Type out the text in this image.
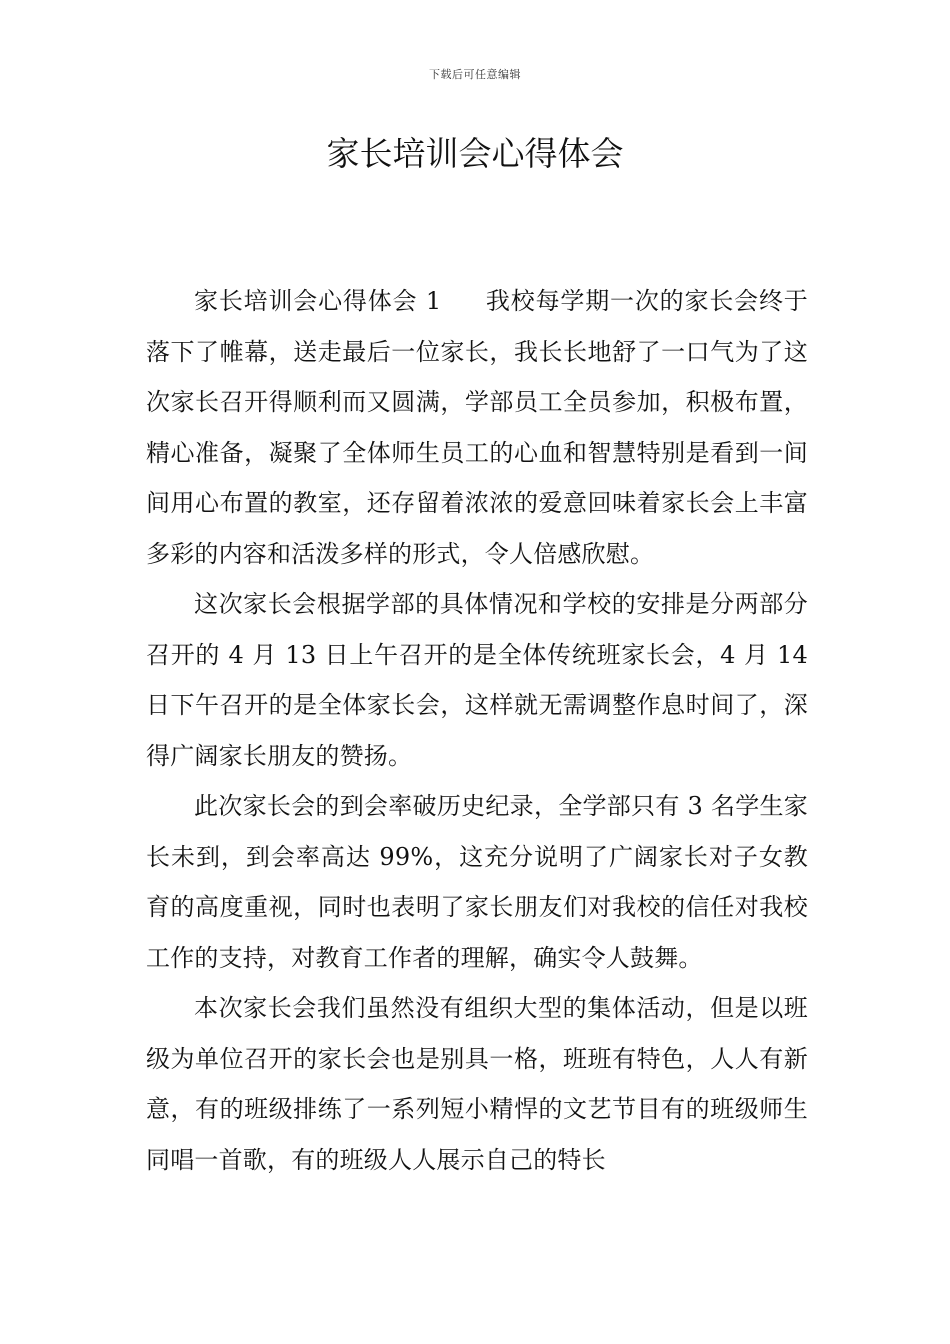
下载后可任意编辑
家长培训会心得体会

家长培训会心得体会 1 我校每学期一次的家长会终于落下了帷幕，送走最后一位家长，我长长地舒了一口气为了这次家长召开得顺利而又圆满，学部员工全员参加，积极布置，精心准备，凝聚了全体师生员工的心血和智慧特别是看到一间间用心布置的教室，还存留着浓浓的爱意回味着家长会上丰富多彩的内容和活泼多样的形式，令人倍感欣慰。

这次家长会根据学部的具体情况和学校的安排是分两部分召开的 4 月 13 日上午召开的是全体传统班家长会，4 月 14 日下午召开的是全体家长会，这样就无需调整作息时间了，深得广阔家长朋友的赞扬。

此次家长会的到会率破历史纪录，全学部只有 3 名学生家长未到，到会率高达 99%，这充分说明了广阔家长对子女教育的高度重视，同时也表明了家长朋友们对我校的信任对我校工作的支持，对教育工作者的理解，确实令人鼓舞。

本次家长会我们虽然没有组织大型的集体活动，但是以班级为单位召开的家长会也是别具一格，班班有特色，人人有新意，有的班级排练了一系列短小精悍的文艺节目有的班级师生同唱一首歌，有的班级人人展示自己的特长
